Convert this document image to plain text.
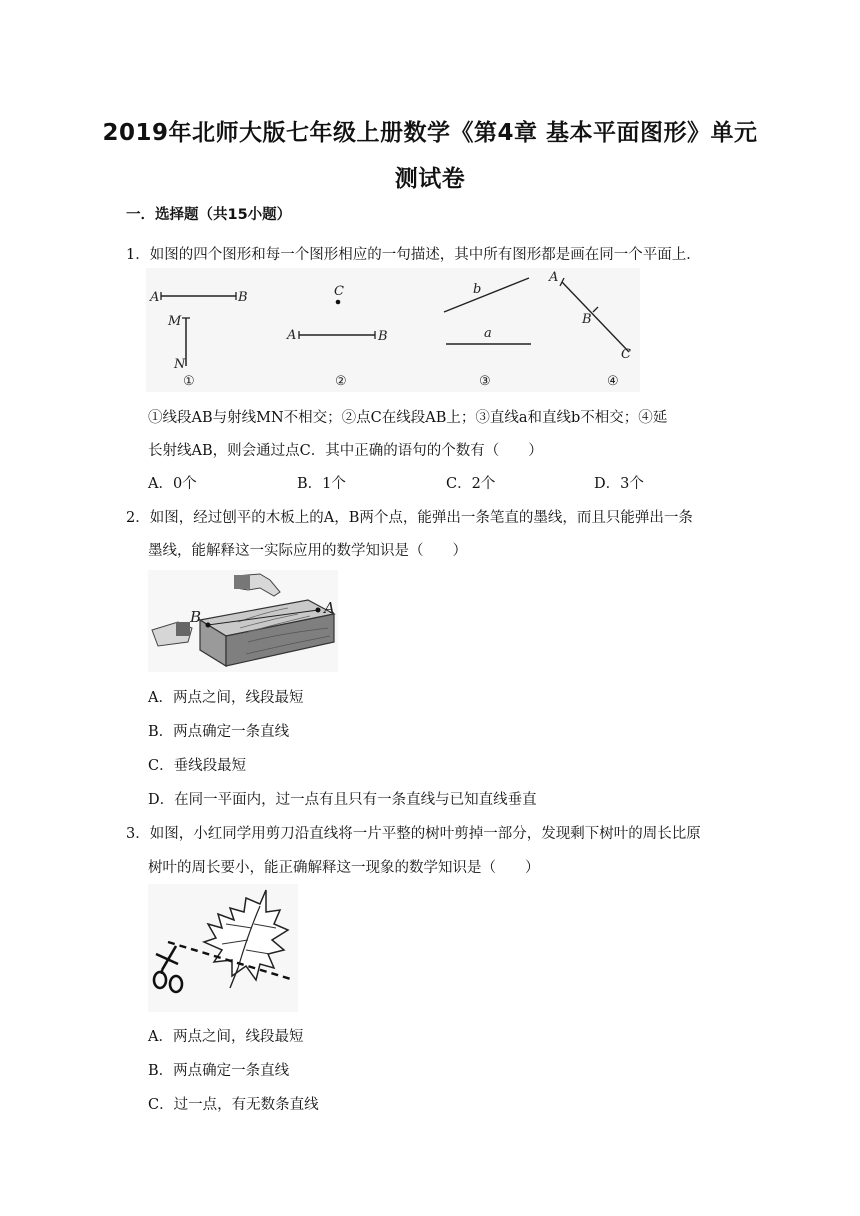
2019年北师大版七年级上册数学《第4章 基本平面图形》单元
测试卷
一．选择题（共15小题）
1．如图的四个图形和每一个图形相应的一句描述，其中所有图形都是画在同一个平面上．
A	B
M
N
①
C
A	B
②
b
a
③
A
B
C
④
①线段AB与射线MN不相交；②点C在线段AB上；③直线a和直线b不相交；④延
长射线AB，则会通过点C．其中正确的语句的个数有（　　）
A．0个	B．1个	C．2个	D．3个
2．如图，经过刨平的木板上的A，B两个点，能弹出一条笔直的墨线，而且只能弹出一条
墨线，能解释这一实际应用的数学知识是（　　）
B	A
A．两点之间，线段最短
B．两点确定一条直线
C．垂线段最短
D．在同一平面内，过一点有且只有一条直线与已知直线垂直
3．如图，小红同学用剪刀沿直线将一片平整的树叶剪掉一部分，发现剩下树叶的周长比原
树叶的周长要小，能正确解释这一现象的数学知识是（　　）
A．两点之间，线段最短
B．两点确定一条直线
C．过一点，有无数条直线
